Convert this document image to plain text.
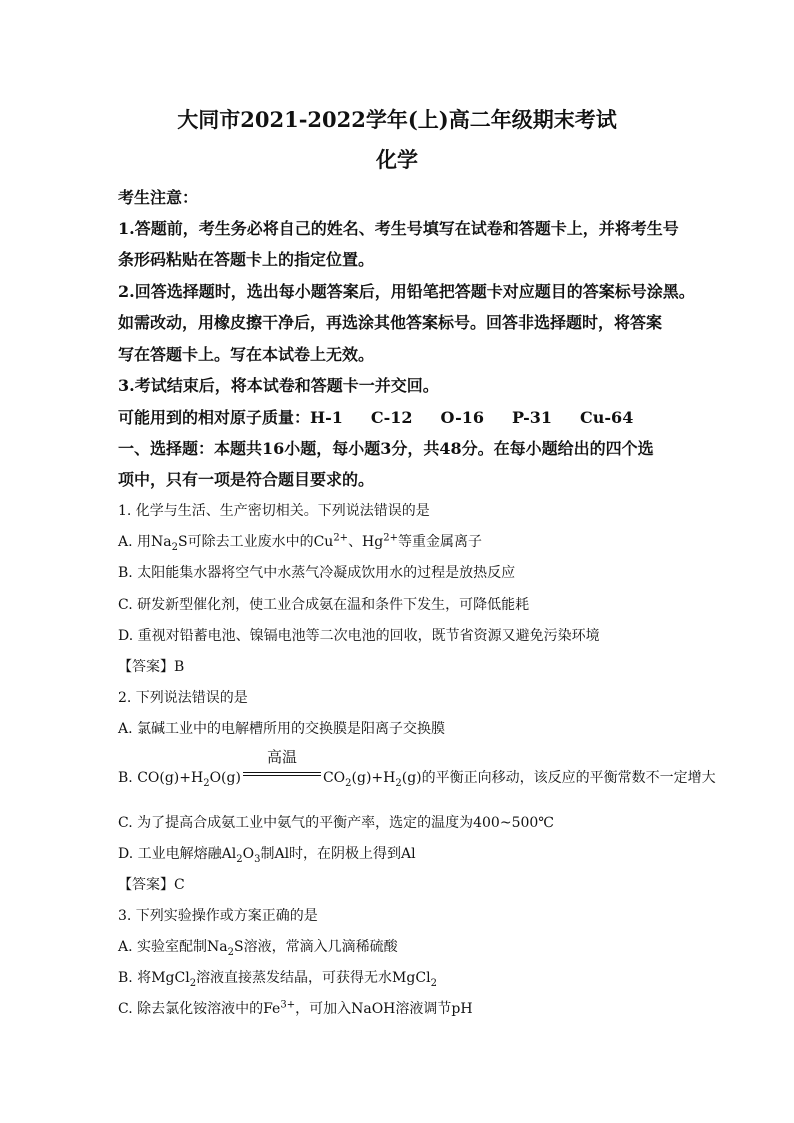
大同市2021-2022学年(上)高二年级期末考试
化学
考生注意：
1.答题前，考生务必将自己的姓名、考生号填写在试卷和答题卡上，并将考生号
条形码粘贴在答题卡上的指定位置。
2.回答选择题时，选出每小题答案后，用铅笔把答题卡对应题目的答案标号涂黑。
如需改动，用橡皮擦干净后，再选涂其他答案标号。回答非选择题时，将答案
写在答题卡上。写在本试卷上无效。
3.考试结束后，将本试卷和答题卡一并交回。
可能用到的相对原子质量：H-1 C-12 O-16 P-31 Cu-64
一、选择题：本题共16小题，每小题3分，共48分。在每小题给出的四个选
项中，只有一项是符合题目要求的。
1. 化学与生活、生产密切相关。下列说法错误的是
A. 用$Na_2S$可除去工业废水中的$Cu^{2+}$、$Hg^{2+}$等重金属离子
B. 太阳能集水器将空气中水蒸气冷凝成饮用水的过程是放热反应
C. 研发新型催化剂，使工业合成氨在温和条件下发生，可降低能耗
D. 重视对铅蓄电池、镍镉电池等二次电池的回收，既节省资源又避免污染环境
【答案】B
2. 下列说法错误的是
A. 氯碱工业中的电解槽所用的交换膜是阳离子交换膜
B. $CO(g)+H_2O(g)$
高温
$CO_2(g)+H_2(g)$的平衡正向移动，该反应的平衡常数不一定增大
C. 为了提高合成氨工业中氨气的平衡产率，选定的温度为400~500℃
D. 工业电解熔融$Al_2O_3$制Al时，在阴极上得到Al
【答案】C
3. 下列实验操作或方案正确的是
A. 实验室配制$Na_2S$溶液，常滴入几滴稀硫酸
B. 将MgCl$_2$溶液直接蒸发结晶，可获得无水MgCl$_2$
C. 除去氯化铵溶液中的$Fe^{3+}$，可加入NaOH溶液调节pH
